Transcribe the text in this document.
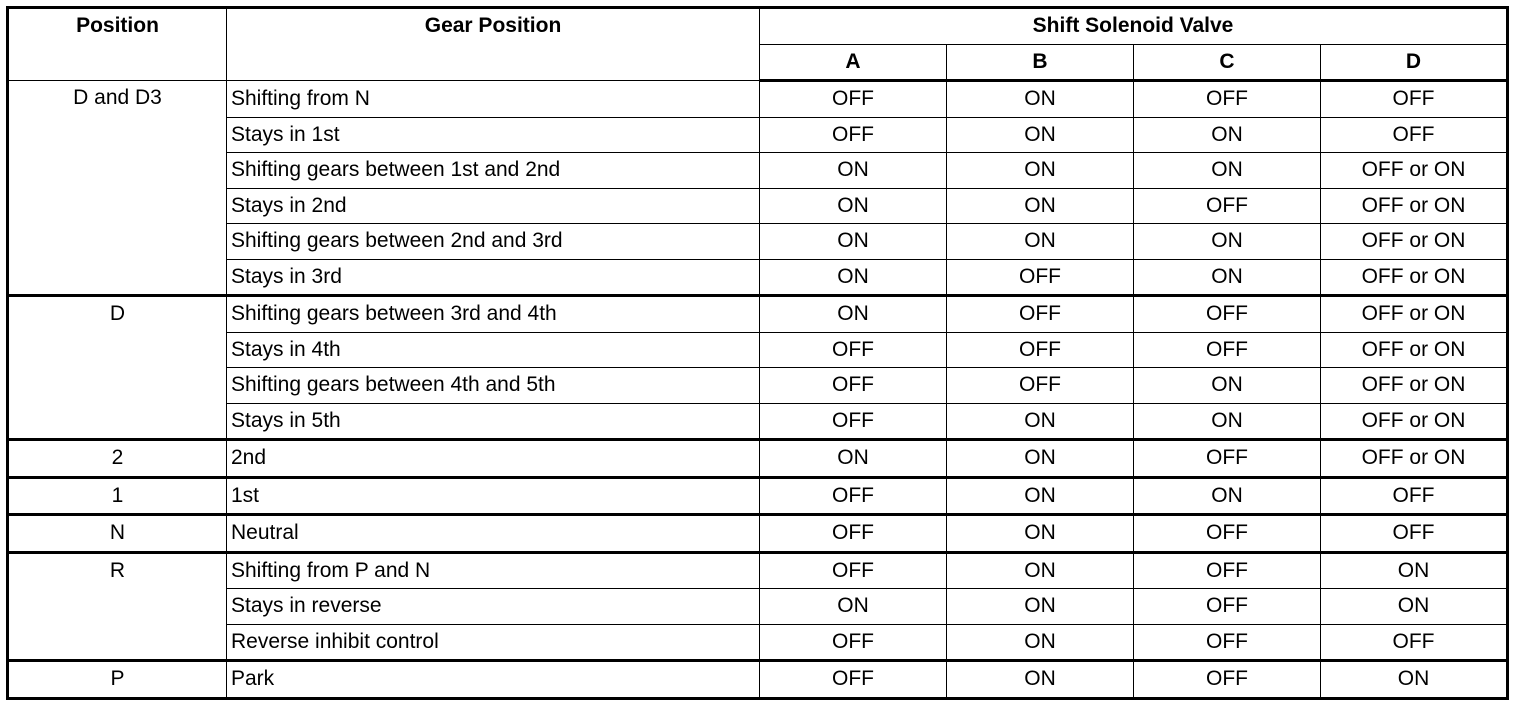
Position	Gear Position	Shift Solenoid Valve			
		A	B	C	D
D and D3	Shifting from N	OFF	ON	OFF	OFF
	Stays in 1st	OFF	ON	ON	OFF
	Shifting gears between 1st and 2nd	ON	ON	ON	OFF or ON
	Stays in 2nd	ON	ON	OFF	OFF or ON
	Shifting gears between 2nd and 3rd	ON	ON	ON	OFF or ON
	Stays in 3rd	ON	OFF	ON	OFF or ON
D	Shifting gears between 3rd and 4th	ON	OFF	OFF	OFF or ON
	Stays in 4th	OFF	OFF	OFF	OFF or ON
	Shifting gears between 4th and 5th	OFF	OFF	ON	OFF or ON
	Stays in 5th	OFF	ON	ON	OFF or ON
2	2nd	ON	ON	OFF	OFF or ON
1	1st	OFF	ON	ON	OFF
N	Neutral	OFF	ON	OFF	OFF
R	Shifting from P and N	OFF	ON	OFF	ON
	Stays in reverse	ON	ON	OFF	ON
	Reverse inhibit control	OFF	ON	OFF	OFF
P	Park	OFF	ON	OFF	ON
